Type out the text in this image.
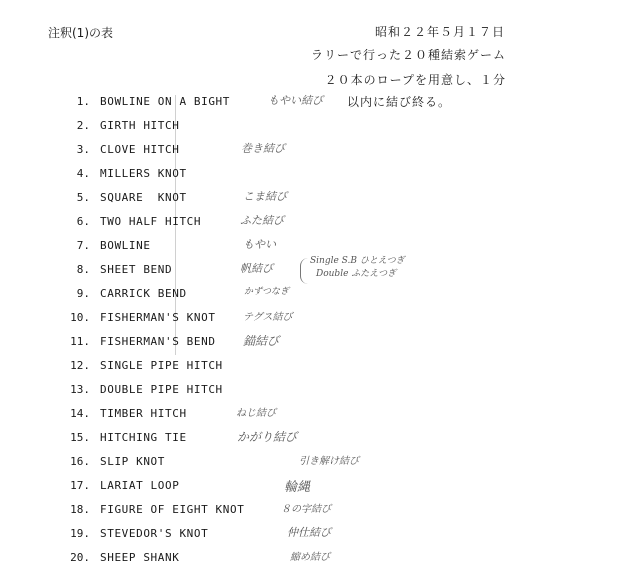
注釈(1)の表	昭和２２年５月１７日
ラリーで行った２０種結索ゲーム
２０本のロープを用意し、１分
以内に結び終る。
1. BOWLINE ON A BIGHT	もやい結び
2. GIRTH HITCH
3. CLOVE HITCH	巻き結び
4. MILLERS KNOT
5. SQUARE  KNOT	こま結び
6. TWO HALF HITCH	ふた結び
7. BOWLINE	もやい
8. SHEET BEND	帆結び
Single S.B ひとえつぎ
Double ふたえつぎ
9. CARRICK BEND	かずつなぎ
10. FISHERMAN'S KNOT	テグス結び
11. FISHERMAN'S BEND 錨結び
12. SINGLE PIPE HITCH
13. DOUBLE PIPE HITCH
14. TIMBER HITCH	ねじ結び
15. HITCHING TIE	かがり結び
16. SLIP KNOT	引き解け結び
17. LARIAT LOOP	輪縄
18. FIGURE OF EIGHT KNOT	８の字結び
19. STEVEDOR'S KNOT	仲仕結び
20. SHEEP SHANK	縮め結び
